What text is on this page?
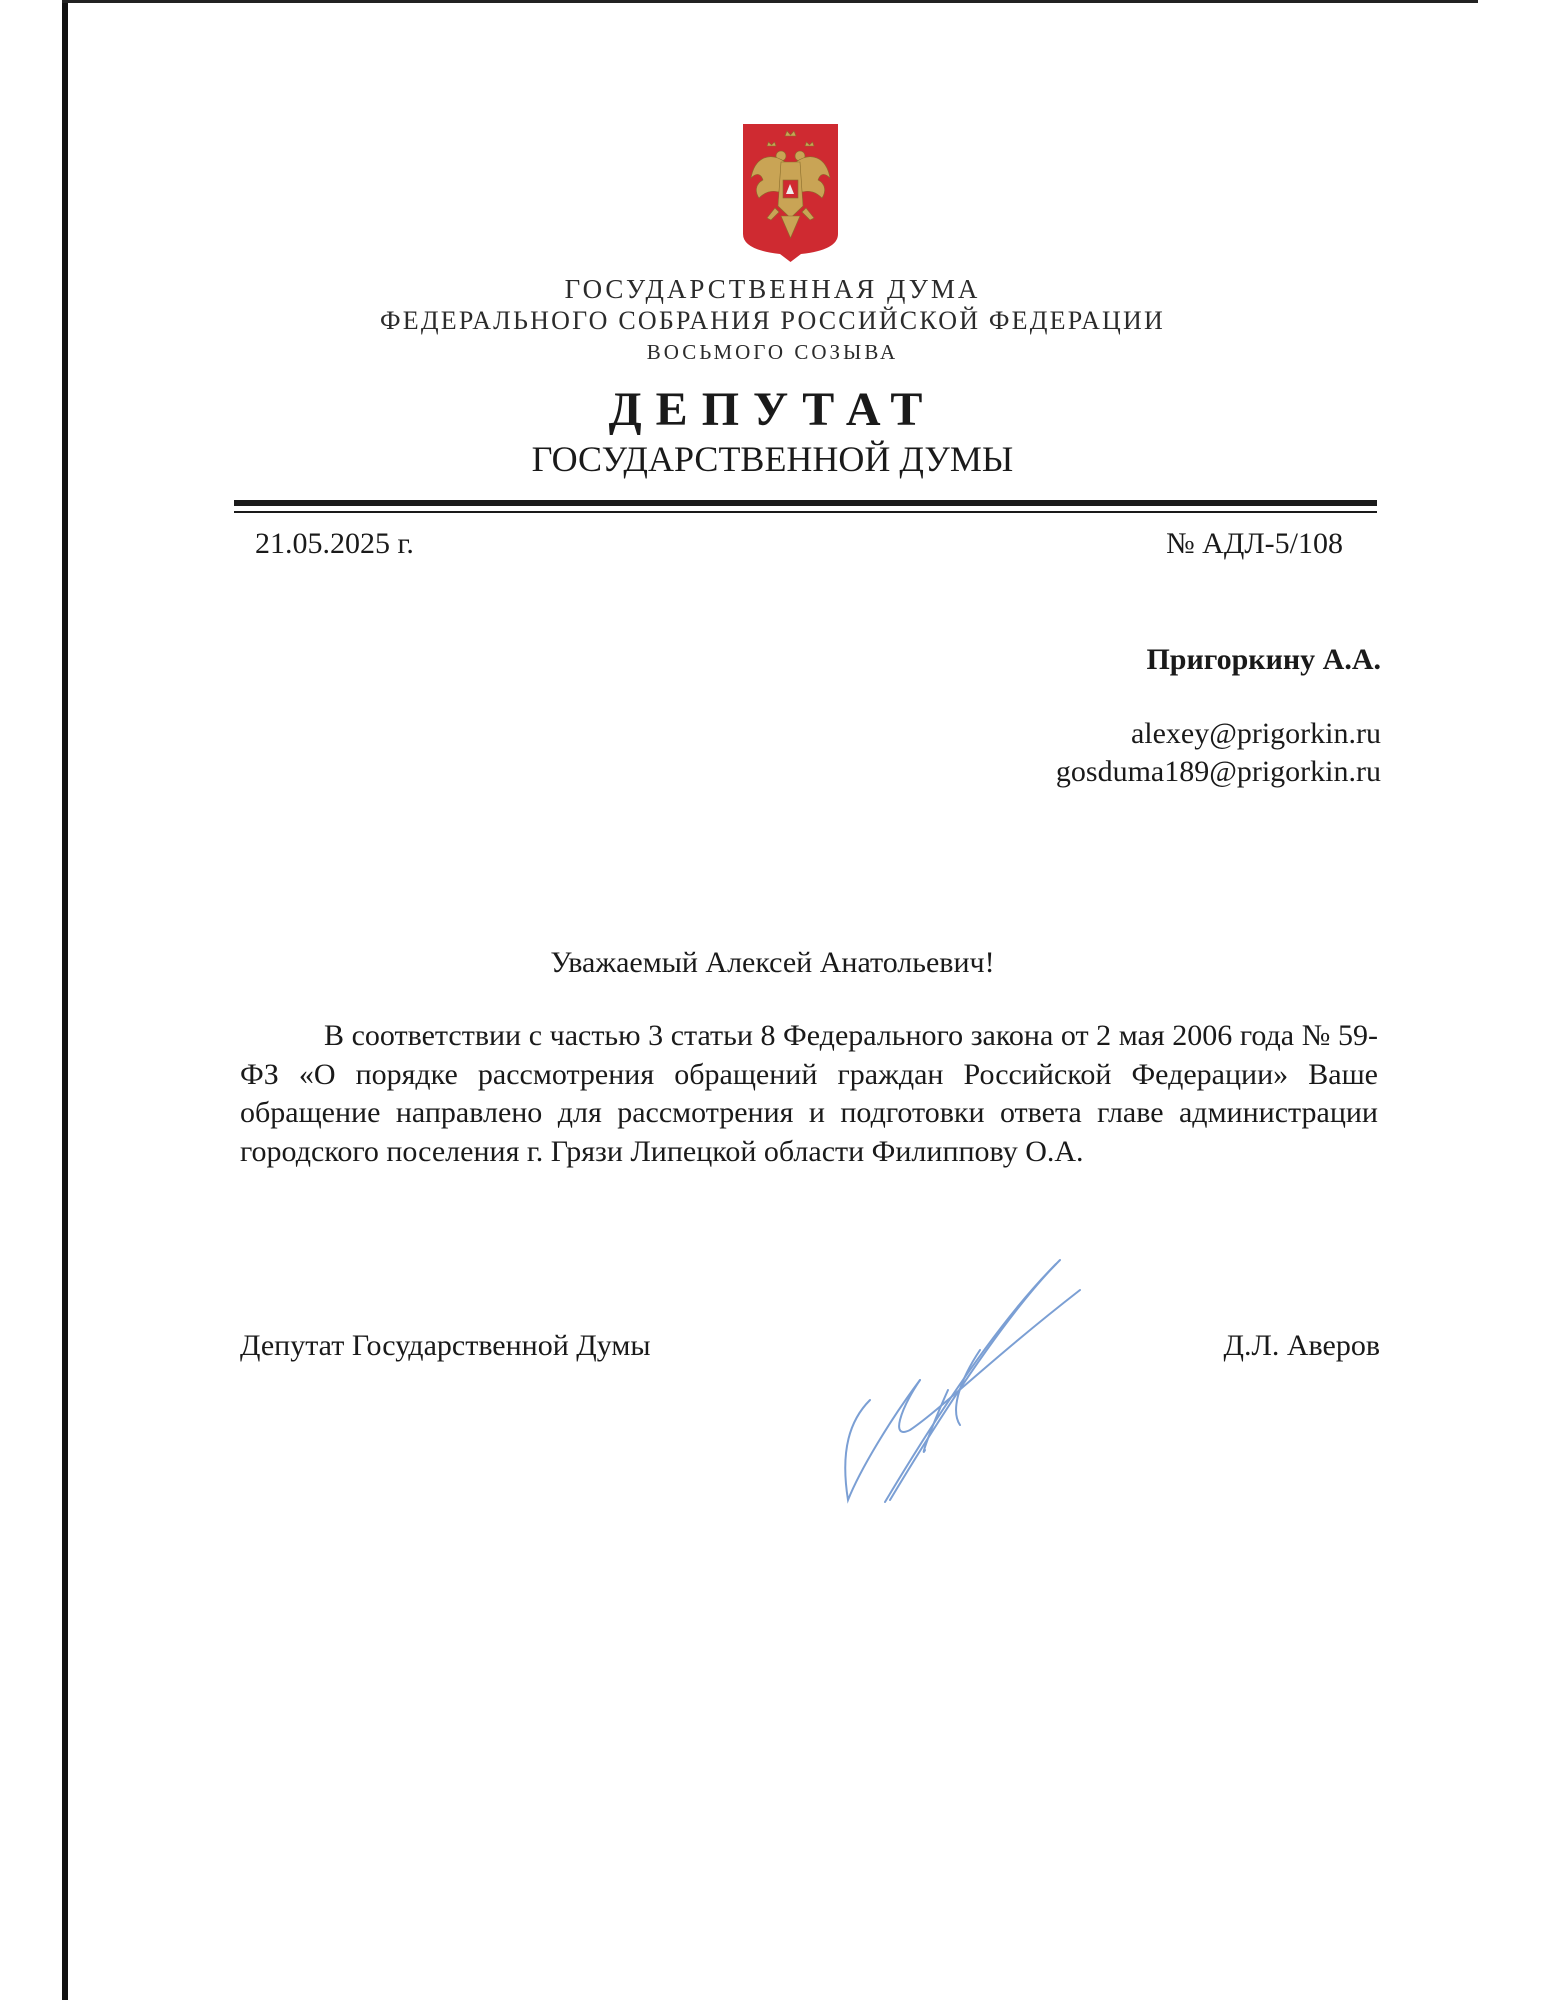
ГОСУДАРСТВЕННАЯ ДУМА
ФЕДЕРАЛЬНОГО СОБРАНИЯ РОССИЙСКОЙ ФЕДЕРАЦИИ
ВОСЬМОГО СОЗЫВА
ДЕПУТАТ
ГОСУДАРСТВЕННОЙ ДУМЫ
21.05.2025 г.	№ АДЛ-5/108
Пригоркину А.А.
alexey@prigorkin.ru
gosduma189@prigorkin.ru
Уважаемый Алексей Анатольевич!
В соответствии с частью 3 статьи 8 Федерального закона от 2 мая 2006 года № 59-ФЗ «О порядке рассмотрения обращений граждан Российской Федерации» Ваше обращение направлено для рассмотрения и подготовки ответа главе администрации городского поселения г. Грязи Липецкой области Филиппову О.А.
Депутат Государственной Думы	Д.Л. Аверов
